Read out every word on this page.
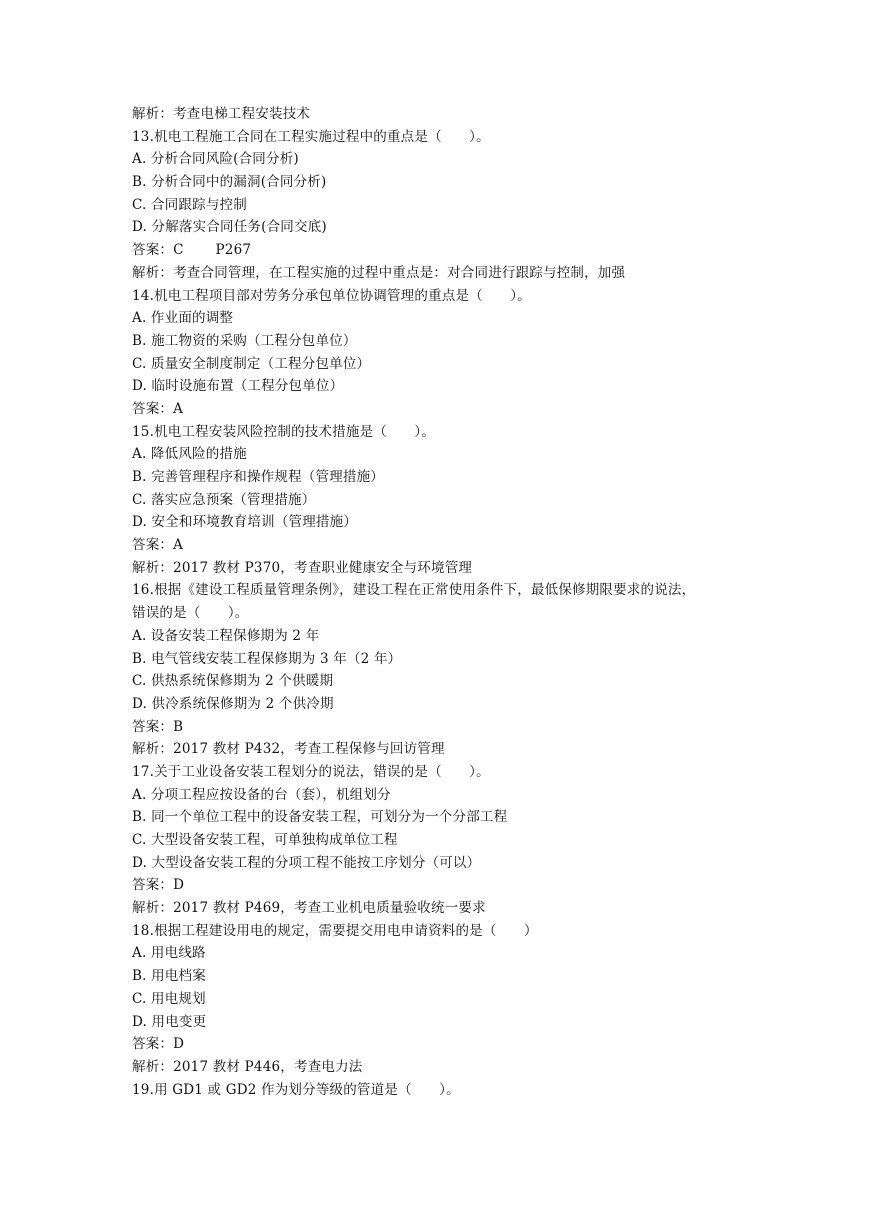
解析：考查电梯工程安装技术
13.机电工程施工合同在工程实施过程中的重点是（　　）。
A. 分析合同风险(合同分析)
B. 分析合同中的漏洞(合同分析)
C. 合同跟踪与控制
D. 分解落实合同任务(合同交底)
答案：C　　 P267
解析：考查合同管理，在工程实施的过程中重点是：对合同进行跟踪与控制，加强
14.机电工程项目部对劳务分承包单位协调管理的重点是（　　）。
A. 作业面的调整
B. 施工物资的采购（工程分包单位）
C. 质量安全制度制定（工程分包单位）
D. 临时设施布置（工程分包单位）
答案：A
15.机电工程安装风险控制的技术措施是（　　）。
A. 降低风险的措施
B. 完善管理程序和操作规程（管理措施）
C. 落实应急预案（管理措施）
D. 安全和环境教育培训（管理措施）
答案：A
解析：2017 教材 P370，考查职业健康安全与环境管理
16.根据《建设工程质量管理条例》，建设工程在正常使用条件下，最低保修期限要求的说法，
错误的是（　　）。
A. 设备安装工程保修期为 2 年
B. 电气管线安装工程保修期为 3 年（2 年）
C. 供热系统保修期为 2 个供暖期
D. 供冷系统保修期为 2 个供冷期
答案：B
解析：2017 教材 P432，考查工程保修与回访管理
17.关于工业设备安装工程划分的说法，错误的是（　　）。
A. 分项工程应按设备的台（套），机组划分
B. 同一个单位工程中的设备安装工程，可划分为一个分部工程
C. 大型设备安装工程，可单独构成单位工程
D. 大型设备安装工程的分项工程不能按工序划分（可以）
答案：D
解析：2017 教材 P469，考查工业机电质量验收统一要求
18.根据工程建设用电的规定，需要提交用电申请资料的是（　　）
A. 用电线路
B. 用电档案
C. 用电规划
D. 用电变更
答案：D
解析：2017 教材 P446，考查电力法
19.用 GD1 或 GD2 作为划分等级的管道是（　　）。
